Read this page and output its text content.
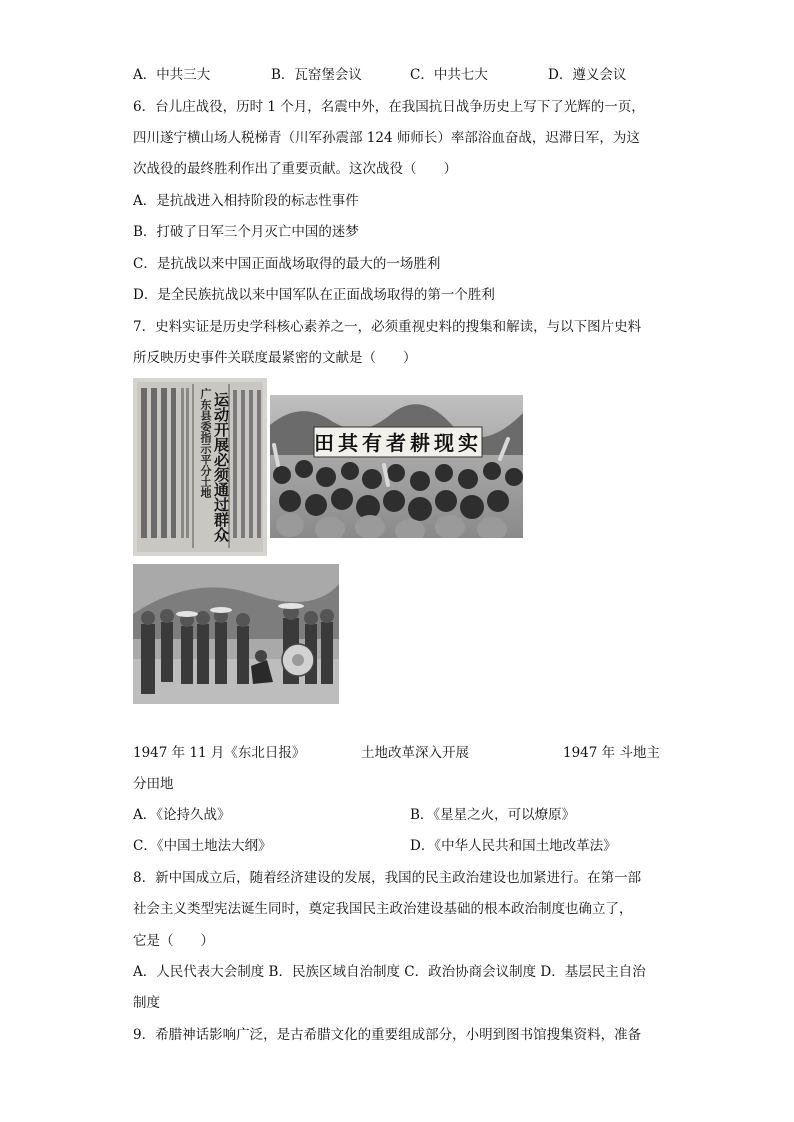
A．中共三大	B．瓦窑堡会议	C．中共七大	D．遵义会议
6．台儿庄战役，历时 1 个月，名震中外，在我国抗日战争历史上写下了光辉的一页，
四川遂宁横山场人税梯青（川军孙震部 124 师师长）率部浴血奋战，迟滞日军，为这
次战役的最终胜利作出了重要贡献。这次战役（　　）
A．是抗战进入相持阶段的标志性事件
B．打破了日军三个月灭亡中国的迷梦
C．是抗战以来中国正面战场取得的最大的一场胜利
D．是全民族抗战以来中国军队在正面战场取得的第一个胜利
7．史料实证是历史学科核心素养之一，必须重视史料的搜集和解读，与以下图片史料
所反映历史事件关联度最紧密的文献是（　　）
广东县委指示平分土地 运动开展必须通过群众	实现耕者有其田
1947 年 11 月《东北日报》	土地改革深入开展	1947 年 斗地主
分田地
A．《论持久战》	B．《星星之火，可以燎原》
C．《中国土地法大纲》	D．《中华人民共和国土地改革法》
8．新中国成立后，随着经济建设的发展，我国的民主政治建设也加紧进行。在第一部
社会主义类型宪法诞生同时，奠定我国民主政治建设基础的根本政治制度也确立了，
它是（　　）
A．人民代表大会制度 B．民族区域自治制度 C．政治协商会议制度 D．基层民主自治
制度
9．希腊神话影响广泛，是古希腊文化的重要组成部分，小明到图书馆搜集资料，准备
